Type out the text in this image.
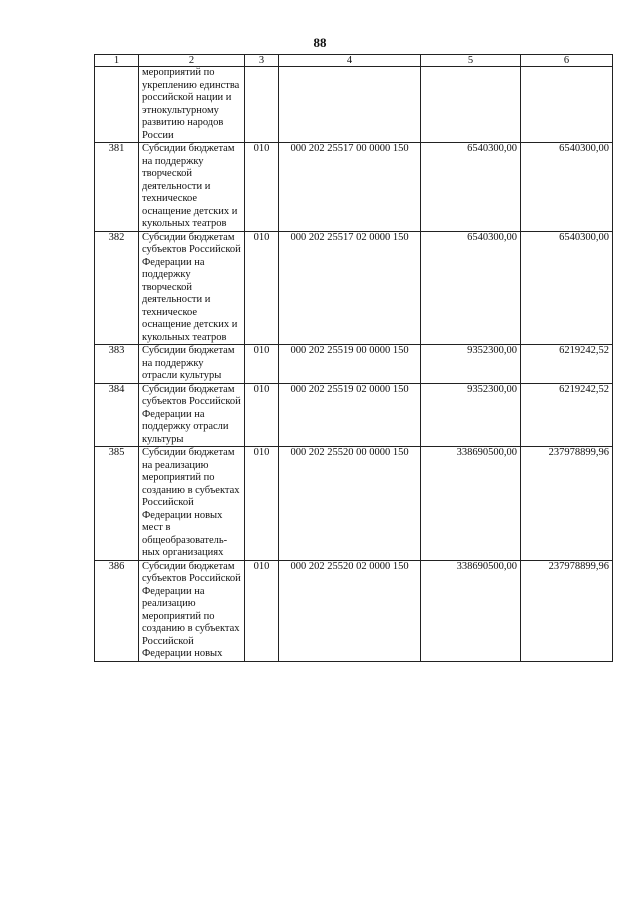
88
1	2	3	4	5	6
	мероприятий по укреплению единства российской нации и этнокультурному развитию народов России				
381	Субсидии бюджетам на поддержку творческой деятельности и техническое оснащение детских и кукольных театров	010	000 202 25517 00 0000 150	6540300,00	6540300,00
382	Субсидии бюджетам субъектов Российской Федерации на поддержку творческой деятельности и техническое оснащение детских и кукольных театров	010	000 202 25517 02 0000 150	6540300,00	6540300,00
383	Субсидии бюджетам на поддержку отрасли культуры	010	000 202 25519 00 0000 150	9352300,00	6219242,52
384	Субсидии бюджетам субъектов Российской Федерации на поддержку отрасли культуры	010	000 202 25519 02 0000 150	9352300,00	6219242,52
385	Субсидии бюджетам на реализацию мероприятий по созданию в субъектах Российской Федерации новых мест в общеобразователь-ных организациях	010	000 202 25520 00 0000 150	338690500,00	237978899,96
386	Субсидии бюджетам субъектов Российской Федерации на реализацию мероприятий по созданию в субъектах Российской Федерации новых	010	000 202 25520 02 0000 150	338690500,00	237978899,96
